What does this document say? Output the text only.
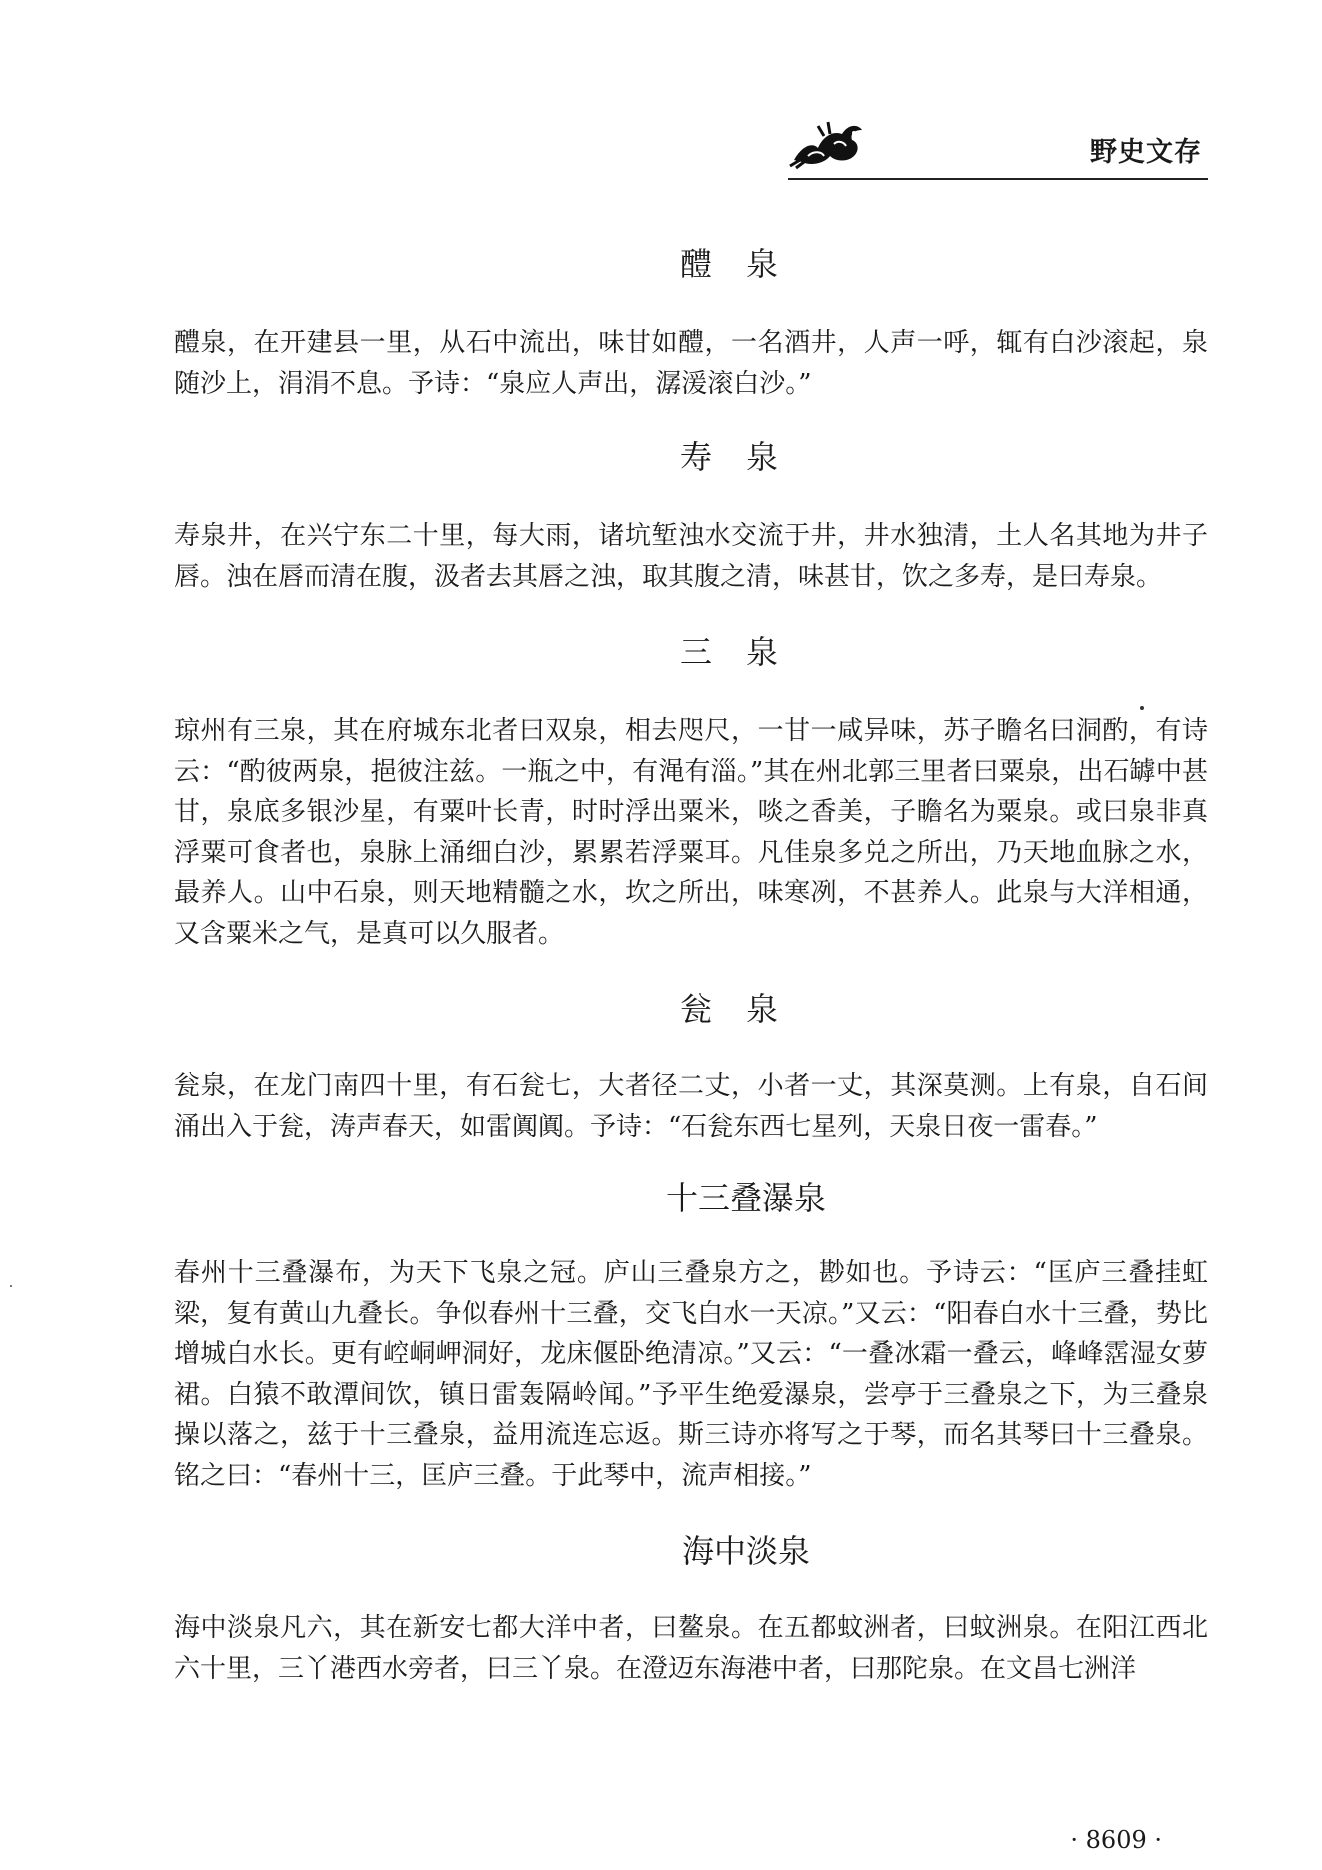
野史文存
醴泉

醴泉，在开建县一里，从石中流出，味甘如醴，一名酒井，人声一呼，辄有白沙滚起，泉随沙上，涓涓不息。予诗：“泉应人声出，潺湲滚白沙。”

寿泉

寿泉井，在兴宁东二十里，每大雨，诸坑堑浊水交流于井，井水独清，土人名其地为井子唇。浊在唇而清在腹，汲者去其唇之浊，取其腹之清，味甚甘，饮之多寿，是曰寿泉。

三泉

琼州有三泉，其在府城东北者曰双泉，相去咫尺，一甘一咸异味，苏子瞻名曰洞酌，有诗云：“酌彼两泉，挹彼注兹。一瓶之中，有渑有淄。”其在州北郭三里者曰粟泉，出石罅中甚甘，泉底多银沙星，有粟叶长青，时时浮出粟米，啖之香美，子瞻名为粟泉。或曰泉非真浮粟可食者也，泉脉上涌细白沙，累累若浮粟耳。凡佳泉多兑之所出，乃天地血脉之水，最养人。山中石泉，则天地精髓之水，坎之所出，味寒冽，不甚养人。此泉与大洋相通，又含粟米之气，是真可以久服者。

瓮泉

瓮泉，在龙门南四十里，有石瓮七，大者径二丈，小者一丈，其深莫测。上有泉，自石间涌出入于瓮，涛声春天，如雷阗阗。予诗：“石瓮东西七星列，天泉日夜一雷春。”

十三叠瀑泉

春州十三叠瀑布，为天下飞泉之冠。庐山三叠泉方之，尠如也。予诗云：“匡庐三叠挂虹梁，复有黄山九叠长。争似春州十三叠，交飞白水一天凉。”又云：“阳春白水十三叠，势比增城白水长。更有崆峒岬洞好，龙床偃卧绝清凉。”又云：“一叠冰霜一叠云，峰峰霑湿女萝裙。白猿不敢潭间饮，镇日雷轰隔岭闻。”予平生绝爱瀑泉，尝亭于三叠泉之下，为三叠泉操以落之，兹于十三叠泉，益用流连忘返。斯三诗亦将写之于琴，而名其琴曰十三叠泉。铭之曰：“春州十三，匡庐三叠。于此琴中，流声相接。”

海中淡泉

海中淡泉凡六，其在新安七都大洋中者，曰鳌泉。在五都蚊洲者，曰蚊洲泉。在阳江西北六十里，三丫港西水旁者，曰三丫泉。在澄迈东海港中者，曰那陀泉。在文昌七洲洋

· 8609 ·
